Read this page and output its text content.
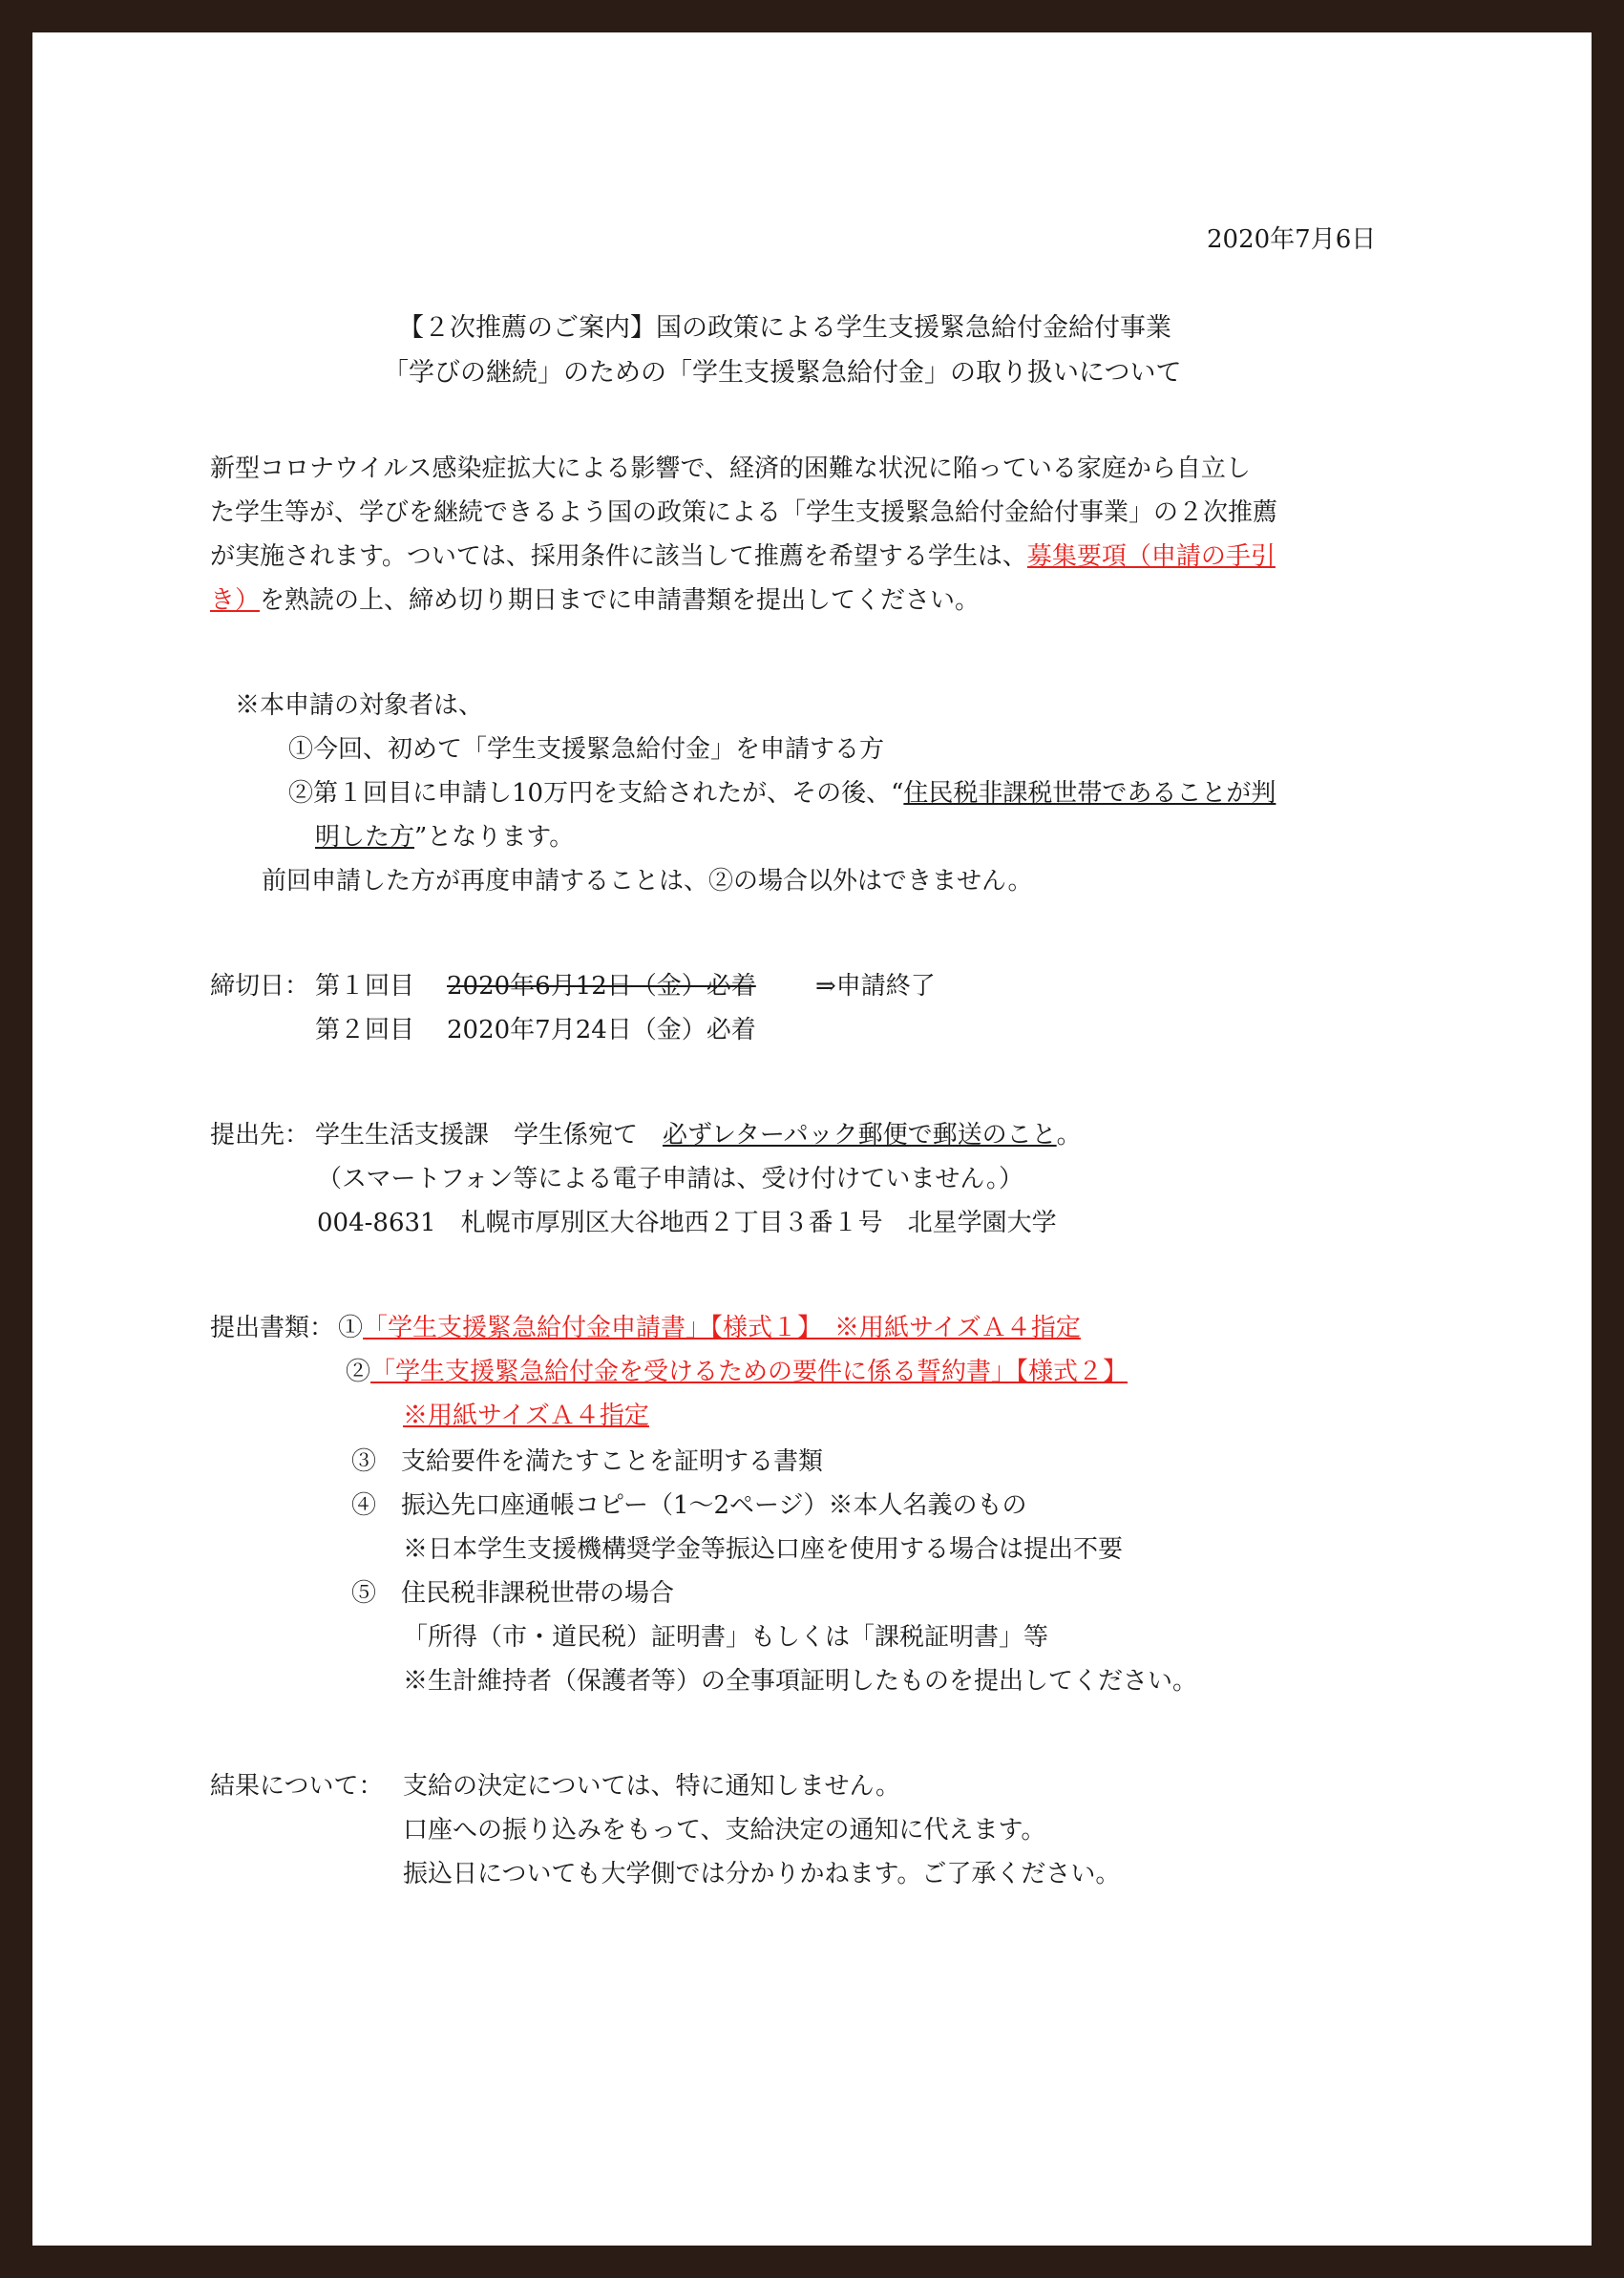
2020年7月6日
【２次推薦のご案内】国の政策による学生支援緊急給付金給付事業
「学びの継続」のための「学生支援緊急給付金」の取り扱いについて
新型コロナウイルス感染症拡大による影響で、経済的困難な状況に陥っている家庭から自立し
た学生等が、学びを継続できるよう国の政策による「学生支援緊急給付金給付事業」の２次推薦
が実施されます。ついては、採用条件に該当して推薦を希望する学生は、募集要項（申請の手引
き）を熟読の上、締め切り期日までに申請書類を提出してください。
※本申請の対象者は、
①今回、初めて「学生支援緊急給付金」を申請する方
②第１回目に申請し10万円を支給されたが、その後、“住民税非課税世帯であることが判
明した方”となります。
前回申請した方が再度申請することは、②の場合以外はできません。
締切日： 第１回目 2020年6月12日（金）必着 ⇒申請終了
第２回目 2020年7月24日（金）必着
提出先： 学生生活支援課　学生係宛て　必ずレターパック郵便で郵送のこと。
（スマートフォン等による電子申請は、受け付けていません。）
004-8631　札幌市厚別区大谷地西２丁目３番１号　北星学園大学
提出書類： ①「学生支援緊急給付金申請書」【様式１】　※用紙サイズＡ４指定
②「学生支援緊急給付金を受けるための要件に係る誓約書」【様式２】
※用紙サイズＡ４指定
③　支給要件を満たすことを証明する書類
④　振込先口座通帳コピー（1～2ページ）※本人名義のもの
※日本学生支援機構奨学金等振込口座を使用する場合は提出不要
⑤　住民税非課税世帯の場合
「所得（市・道民税）証明書」もしくは「課税証明書」等
※生計維持者（保護者等）の全事項証明したものを提出してください。
結果について： 支給の決定については、特に通知しません。
口座への振り込みをもって、支給決定の通知に代えます。
振込日についても大学側では分かりかねます。ご了承ください。
